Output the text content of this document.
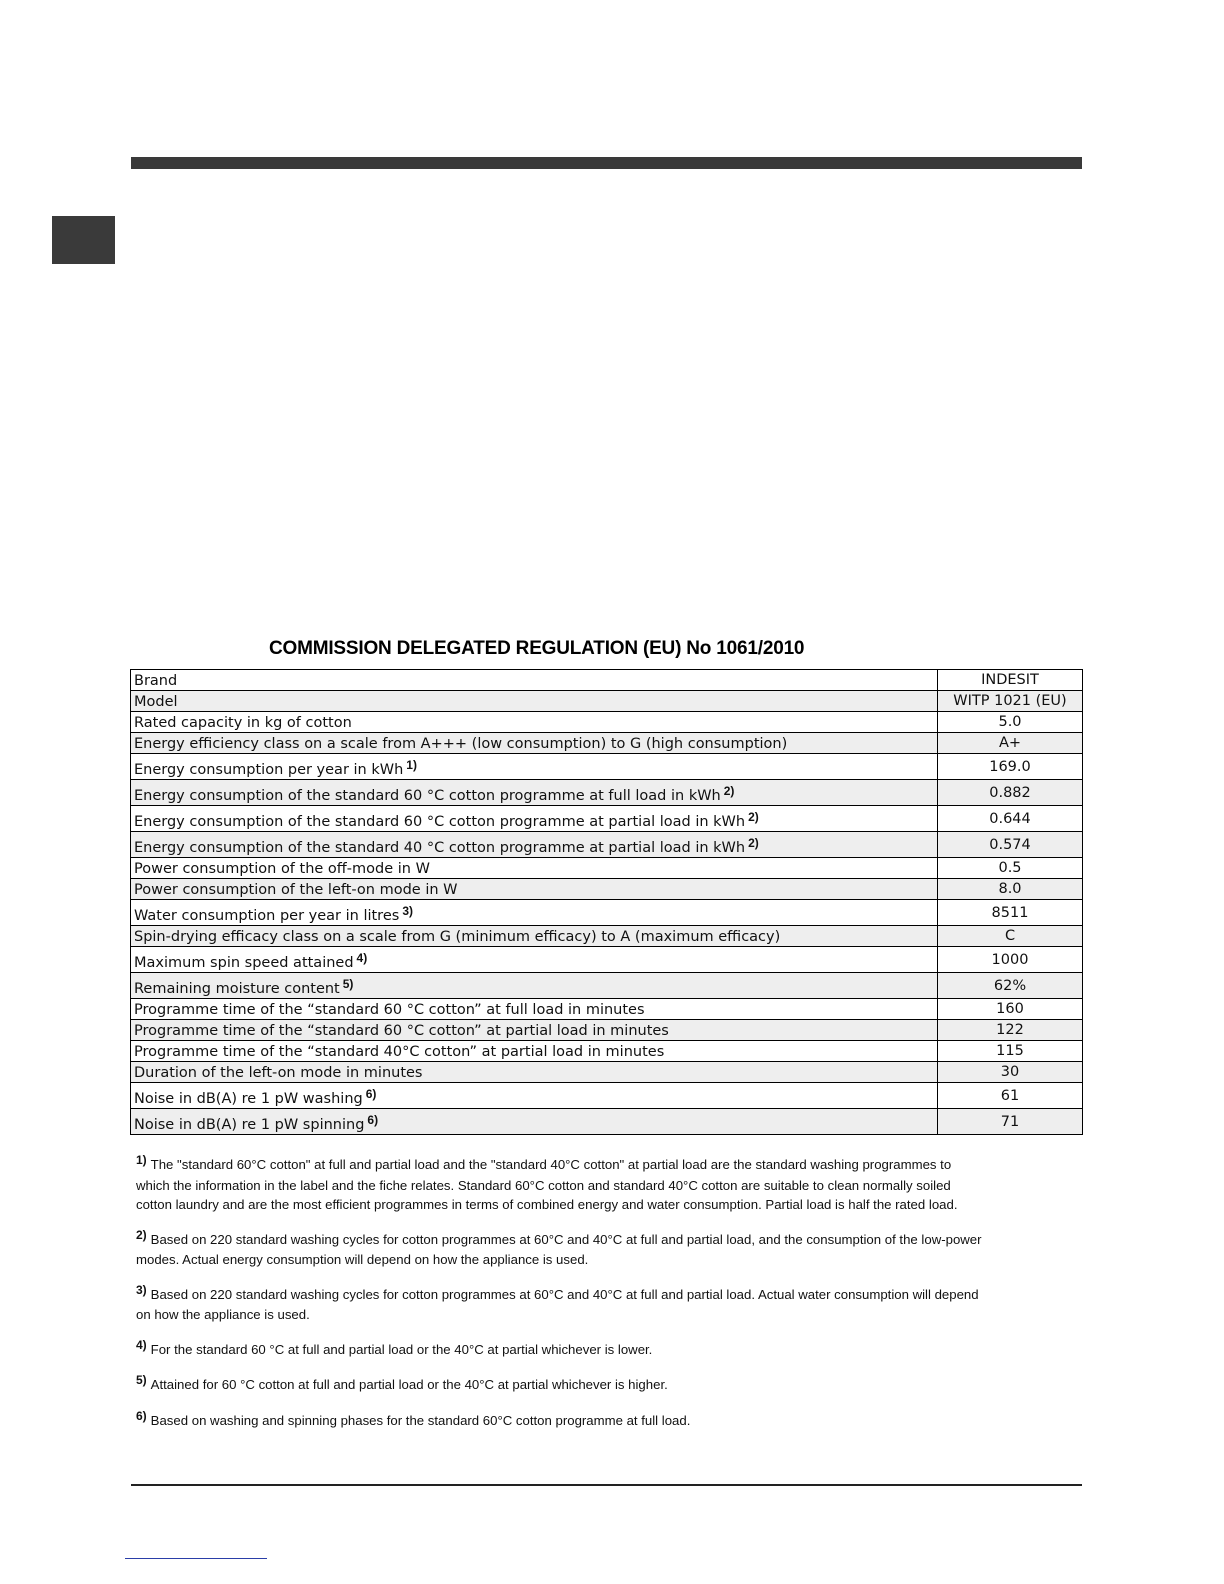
COMMISSION DELEGATED REGULATION (EU) No 1061/2010
Brand	INDESIT
Model	WITP 1021 (EU)
Rated capacity in kg of cotton	5.0
Energy efficiency class on a scale from A+++ (low consumption) to G (high consumption)	A+
Energy consumption per year in kWh $^{1)}$	169.0
Energy consumption of the standard 60 °C cotton programme at full load in kWh $^{2)}$	0.882
Energy consumption of the standard 60 °C cotton programme at partial load in kWh $^{2)}$	0.644
Energy consumption of the standard 40 °C cotton programme at partial load in kWh $^{2)}$	0.574
Power consumption of the off-mode in W	0.5
Power consumption of the left-on mode in W	8.0
Water consumption per year in litres $^{3)}$	8511
Spin-drying efficacy class on a scale from G (minimum efficacy) to A (maximum efficacy)	C
Maximum spin speed attained $^{4)}$	1000
Remaining moisture content $^{5)}$	62%
Programme time of the “standard 60 °C cotton” at full load in minutes	160
Programme time of the “standard 60 °C cotton” at partial load in minutes	122
Programme time of the “standard 40°C cotton” at partial load in minutes	115
Duration of the left-on mode in minutes	30
Noise in dB(A) re 1 pW washing $^{6)}$	61
Noise in dB(A) re 1 pW spinning $^{6)}$	71
1) The "standard 60°C cotton" at full and partial load and the "standard 40°C cotton" at partial load are the standard washing programmes to
which the information in the label and the fiche relates. Standard 60°C cotton and standard 40°C cotton are suitable to clean normally soiled
cotton laundry and are the most efficient programmes in terms of combined energy and water consumption. Partial load is half the rated load.
2) Based on 220 standard washing cycles for cotton programmes at 60°C and 40°C at full and partial load, and the consumption of the low-power
modes. Actual energy consumption will depend on how the appliance is used.
3) Based on 220 standard washing cycles for cotton programmes at 60°C and 40°C at full and partial load. Actual water consumption will depend
on how the appliance is used.
4) For the standard 60 °C at full and partial load or the 40°C at partial whichever is lower.
5) Attained for 60 °C cotton at full and partial load or the 40°C at partial whichever is higher.
6) Based on washing and spinning phases for the standard 60°C cotton programme at full load.
